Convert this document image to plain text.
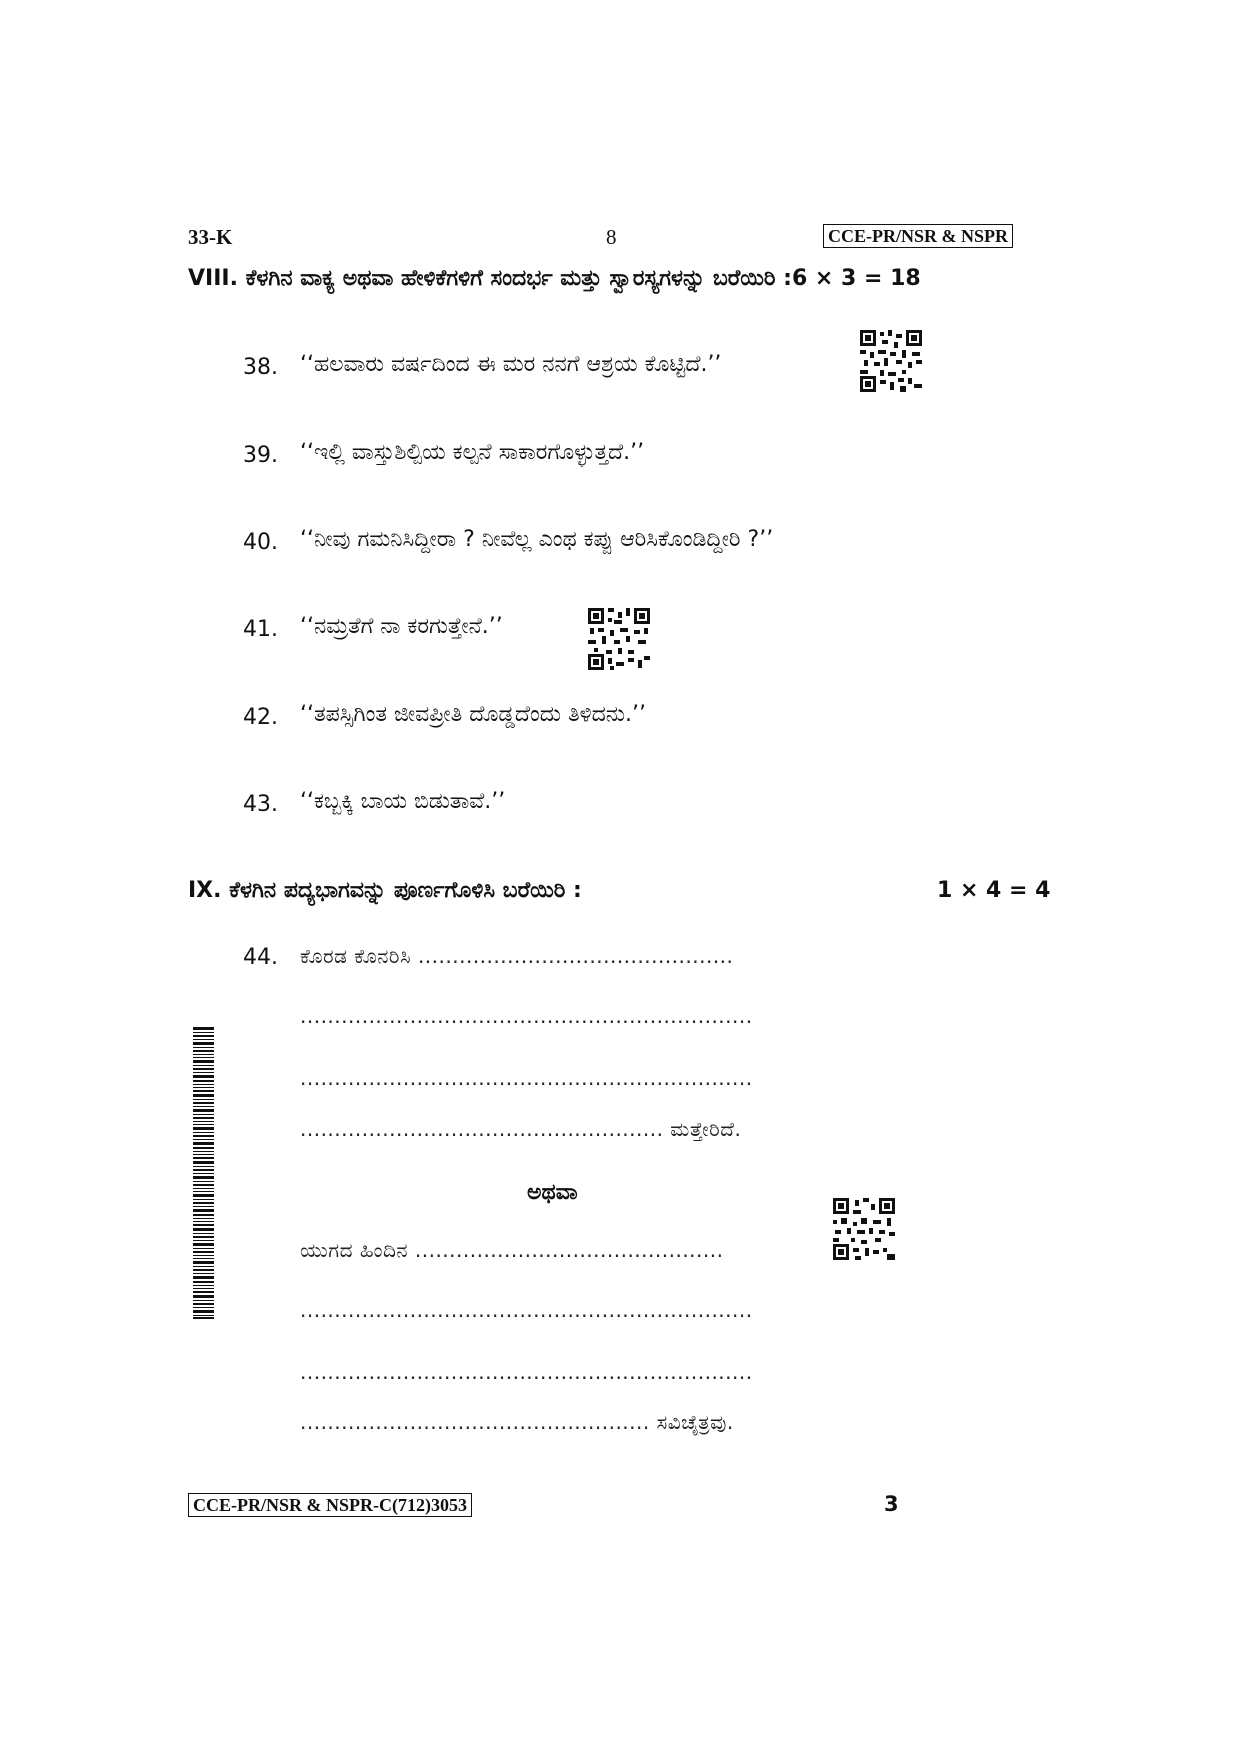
33-K	8	CCE-PR/NSR & NSPR
VIII. ಕೆಳಗಿನ ವಾಕ್ಯ ಅಥವಾ ಹೇಳಿಕೆಗಳಿಗೆ ಸಂದರ್ಭ ಮತ್ತು ಸ್ವಾರಸ್ಯಗಳನ್ನು ಬರೆಯಿರಿ :6 × 3 = 18
38. ‘‘ಹಲವಾರು ವರ್ಷದಿಂದ ಈ ಮರ ನನಗೆ ಆಶ್ರಯ ಕೊಟ್ಟಿದೆ.’’
39. ‘‘ಇಲ್ಲಿ ವಾಸ್ತುಶಿಲ್ಪಿಯ ಕಲ್ಪನೆ ಸಾಕಾರಗೊಳ್ಳುತ್ತದೆ.’’
40. ‘‘ನೀವು ಗಮನಿಸಿದ್ದೀರಾ ? ನೀವೆಲ್ಲ ಎಂಥ ಕಪ್ಪು ಆರಿಸಿಕೊಂಡಿದ್ದೀರಿ ?’’
41. ‘‘ನಮ್ರತೆಗೆ ನಾ ಕರಗುತ್ತೇನೆ.’’
42. ‘‘ತಪಸ್ಸಿಗಿಂತ ಜೀವಪ್ರೀತಿ ದೊಡ್ಡದೆಂದು ತಿಳಿದನು.’’
43. ‘‘ಕಬ್ಬಕ್ಕಿ ಬಾಯ ಬಿಡುತಾವೆ.’’
IX. ಕೆಳಗಿನ ಪದ್ಯಭಾಗವನ್ನು ಪೂರ್ಣಗೊಳಿಸಿ ಬರೆಯಿರಿ :	1 × 4 = 4
44. ಕೊರಡ ಕೊನರಿಸಿ ..............................................
..................................................................
..................................................................
..................................................... ಮತ್ತೇರಿದೆ.
ಅಥವಾ
ಯುಗದ ಹಿಂದಿನ .............................................
..................................................................
..................................................................
................................................... ಸವಿಚೈತ್ರವು.
CCE-PR/NSR & NSPR-C(712)3053	3
